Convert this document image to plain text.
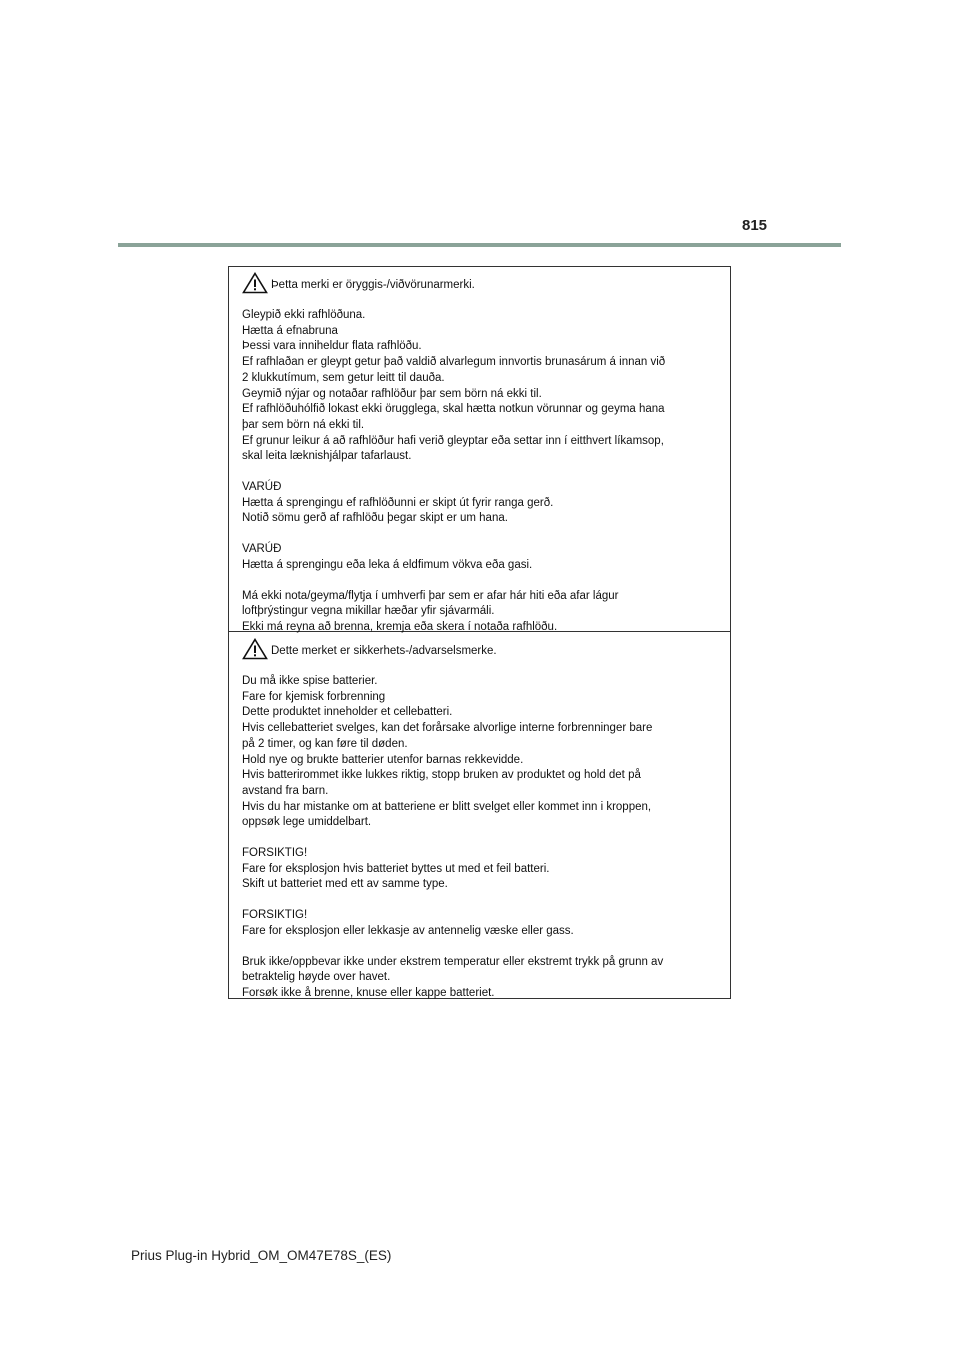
815
Þetta merki er öryggis-/viðvörunarmerki.

Gleypið ekki rafhlöðuna.
Hætta á efnabruna
Þessi vara inniheldur flata rafhlöðu.
Ef rafhlaðan er gleypt getur það valdið alvarlegum innvortis brunasárum á innan við
2 klukkutímum, sem getur leitt til dauða.
Geymið nýjar og notaðar rafhlöður þar sem börn ná ekki til.
Ef rafhlöðuhólfið lokast ekki örugglega, skal hætta notkun vörunnar og geyma hana
þar sem börn ná ekki til.
Ef grunur leikur á að rafhlöður hafi verið gleyptar eða settar inn í eitthvert líkamsop,
skal leita læknishjálpar tafarlaust.

VARÚÐ
Hætta á sprengingu ef rafhlöðunni er skipt út fyrir ranga gerð.
Notið sömu gerð af rafhlöðu þegar skipt er um hana.

VARÚÐ
Hætta á sprengingu eða leka á eldfimum vökva eða gasi.

Má ekki nota/geyma/flytja í umhverfi þar sem er afar hár hiti eða afar lágur
loftþrýstingur vegna mikillar hæðar yfir sjávarmáli.
Ekki má reyna að brenna, kremja eða skera í notaða rafhlöðu.

Dette merket er sikkerhets-/advarselsmerke.

Du må ikke spise batterier.
Fare for kjemisk forbrenning
Dette produktet inneholder et cellebatteri.
Hvis cellebatteriet svelges, kan det forårsake alvorlige interne forbrenninger bare
på 2 timer, og kan føre til døden.
Hold nye og brukte batterier utenfor barnas rekkevidde.
Hvis batterirommet ikke lukkes riktig, stopp bruken av produktet og hold det på
avstand fra barn.
Hvis du har mistanke om at batteriene er blitt svelget eller kommet inn i kroppen,
oppsøk lege umiddelbart.

FORSIKTIG!
Fare for eksplosjon hvis batteriet byttes ut med et feil batteri.
Skift ut batteriet med ett av samme type.

FORSIKTIG!
Fare for eksplosjon eller lekkasje av antennelig væske eller gass.

Bruk ikke/oppbevar ikke under ekstrem temperatur eller ekstremt trykk på grunn av
betraktelig høyde over havet.
Forsøk ikke å brenne, knuse eller kappe batteriet.

Prius Plug-in Hybrid_OM_OM47E78S_(ES)
